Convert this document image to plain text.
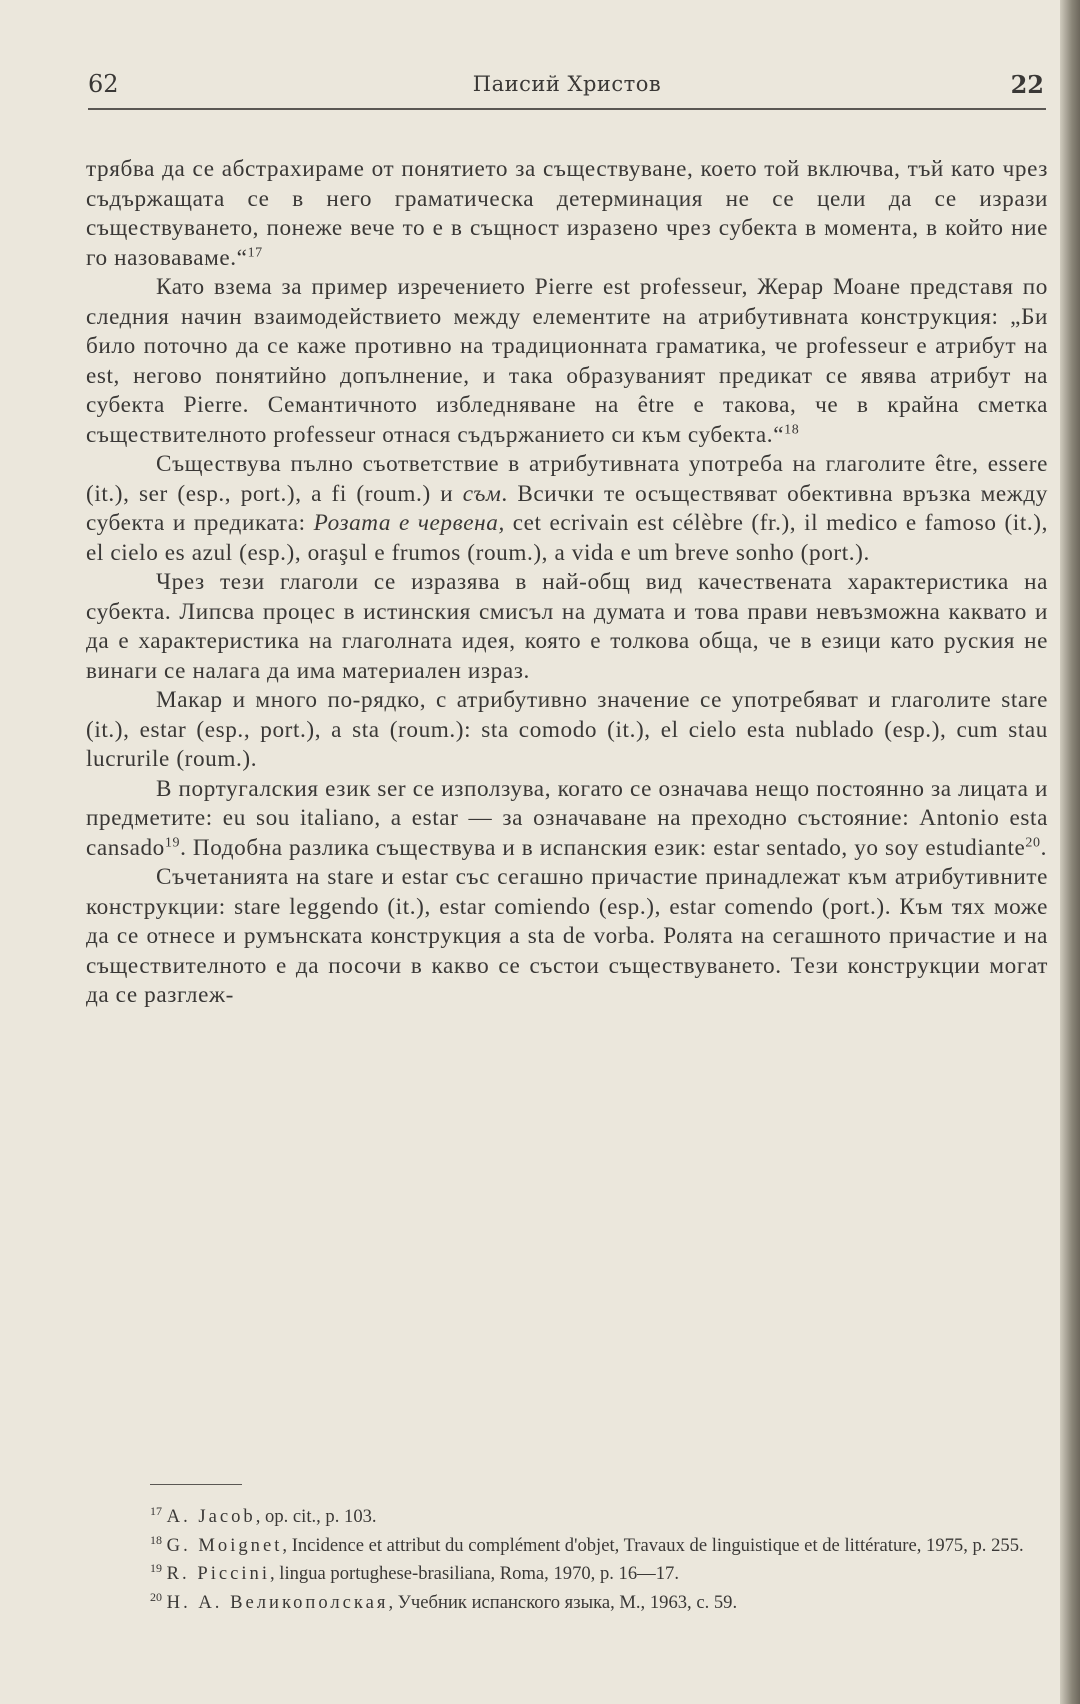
62	Паисий Христов	22

трябва да се абстрахираме от понятието за съществуване, което той включва, тъй като чрез съдържащата се в него граматическа детерминация не се цели да се изрази съществуването, понеже вече то е в същност изразено чрез субекта в момента, в който ние го назоваваме.“$^{17}$

Като взема за пример изречението Pierre est professeur, Жерар Моане представя по следния начин взаимодействието между елементите на атрибутивната конструкция: „Би било поточно да се каже противно на традиционната граматика, че professeur е атрибут на est, негово понятийно допълнение, и така образуваният предикат се явява атрибут на субекта Pierre. Семантичното избледняване на être е такова, че в крайна сметка съществителното professeur отнася съдържанието си към субекта.“$^{18}$

Съществува пълно съответствие в атрибутивната употреба на глаголите être, essere (it.), ser (esp., port.), a fi (roum.) и съм. Всички те осъществяват обективна връзка между субекта и предиката: Розата е червена, cet ecrivain est célèbre (fr.), il medico e famoso (it.), el cielo es azul (esp.), oraşul e frumos (roum.), a vida e um breve sonho (port.).

Чрез тези глаголи се изразява в най-общ вид качествената характеристика на субекта. Липсва процес в истинския смисъл на думата и това прави невъзможна каквато и да е характеристика на глаголната идея, която е толкова обща, че в езици като руския не винаги се налага да има материален израз.

Макар и много по-рядко, с атрибутивно значение се употребяват и глаголите stare (it.), estar (esp., port.), a sta (roum.): sta comodo (it.), el cielo esta nublado (esp.), cum stau lucrurile (roum.).

В португалския език ser се използува, когато се означава нещо постоянно за лицата и предметите: eu sou italiano, а estar — за означаване на преходно състояние: Antonio esta cansado$^{19}$. Подобна разлика съществува и в испанския език: estar sentado, yo soy estudiante$^{20}$.

Съчетанията на stare и estar със сегашно причастие принадлежат към атрибутивните конструкции: stare leggendo (it.), estar comiendo (esp.), estar comendo (port.). Към тях може да се отнесе и румънската конструкция a sta de vorba. Ролята на сегашното причастие и на съществителното е да посочи в какво се състои съществуването. Тези конструкции могат да се разглеж-

$^{17}$ A. Jacob, op. cit., p. 103.

$^{18}$ G. Moignet, Incidence et attribut du complément d'objet, Travaux de linguistique et de littérature, 1975, p. 255.

$^{19}$ R. Piccini, lingua portughese-brasiliana, Roma, 1970, p. 16—17.

$^{20}$ Н. А. Великополская, Учебник испанского языка, М., 1963, с. 59.
